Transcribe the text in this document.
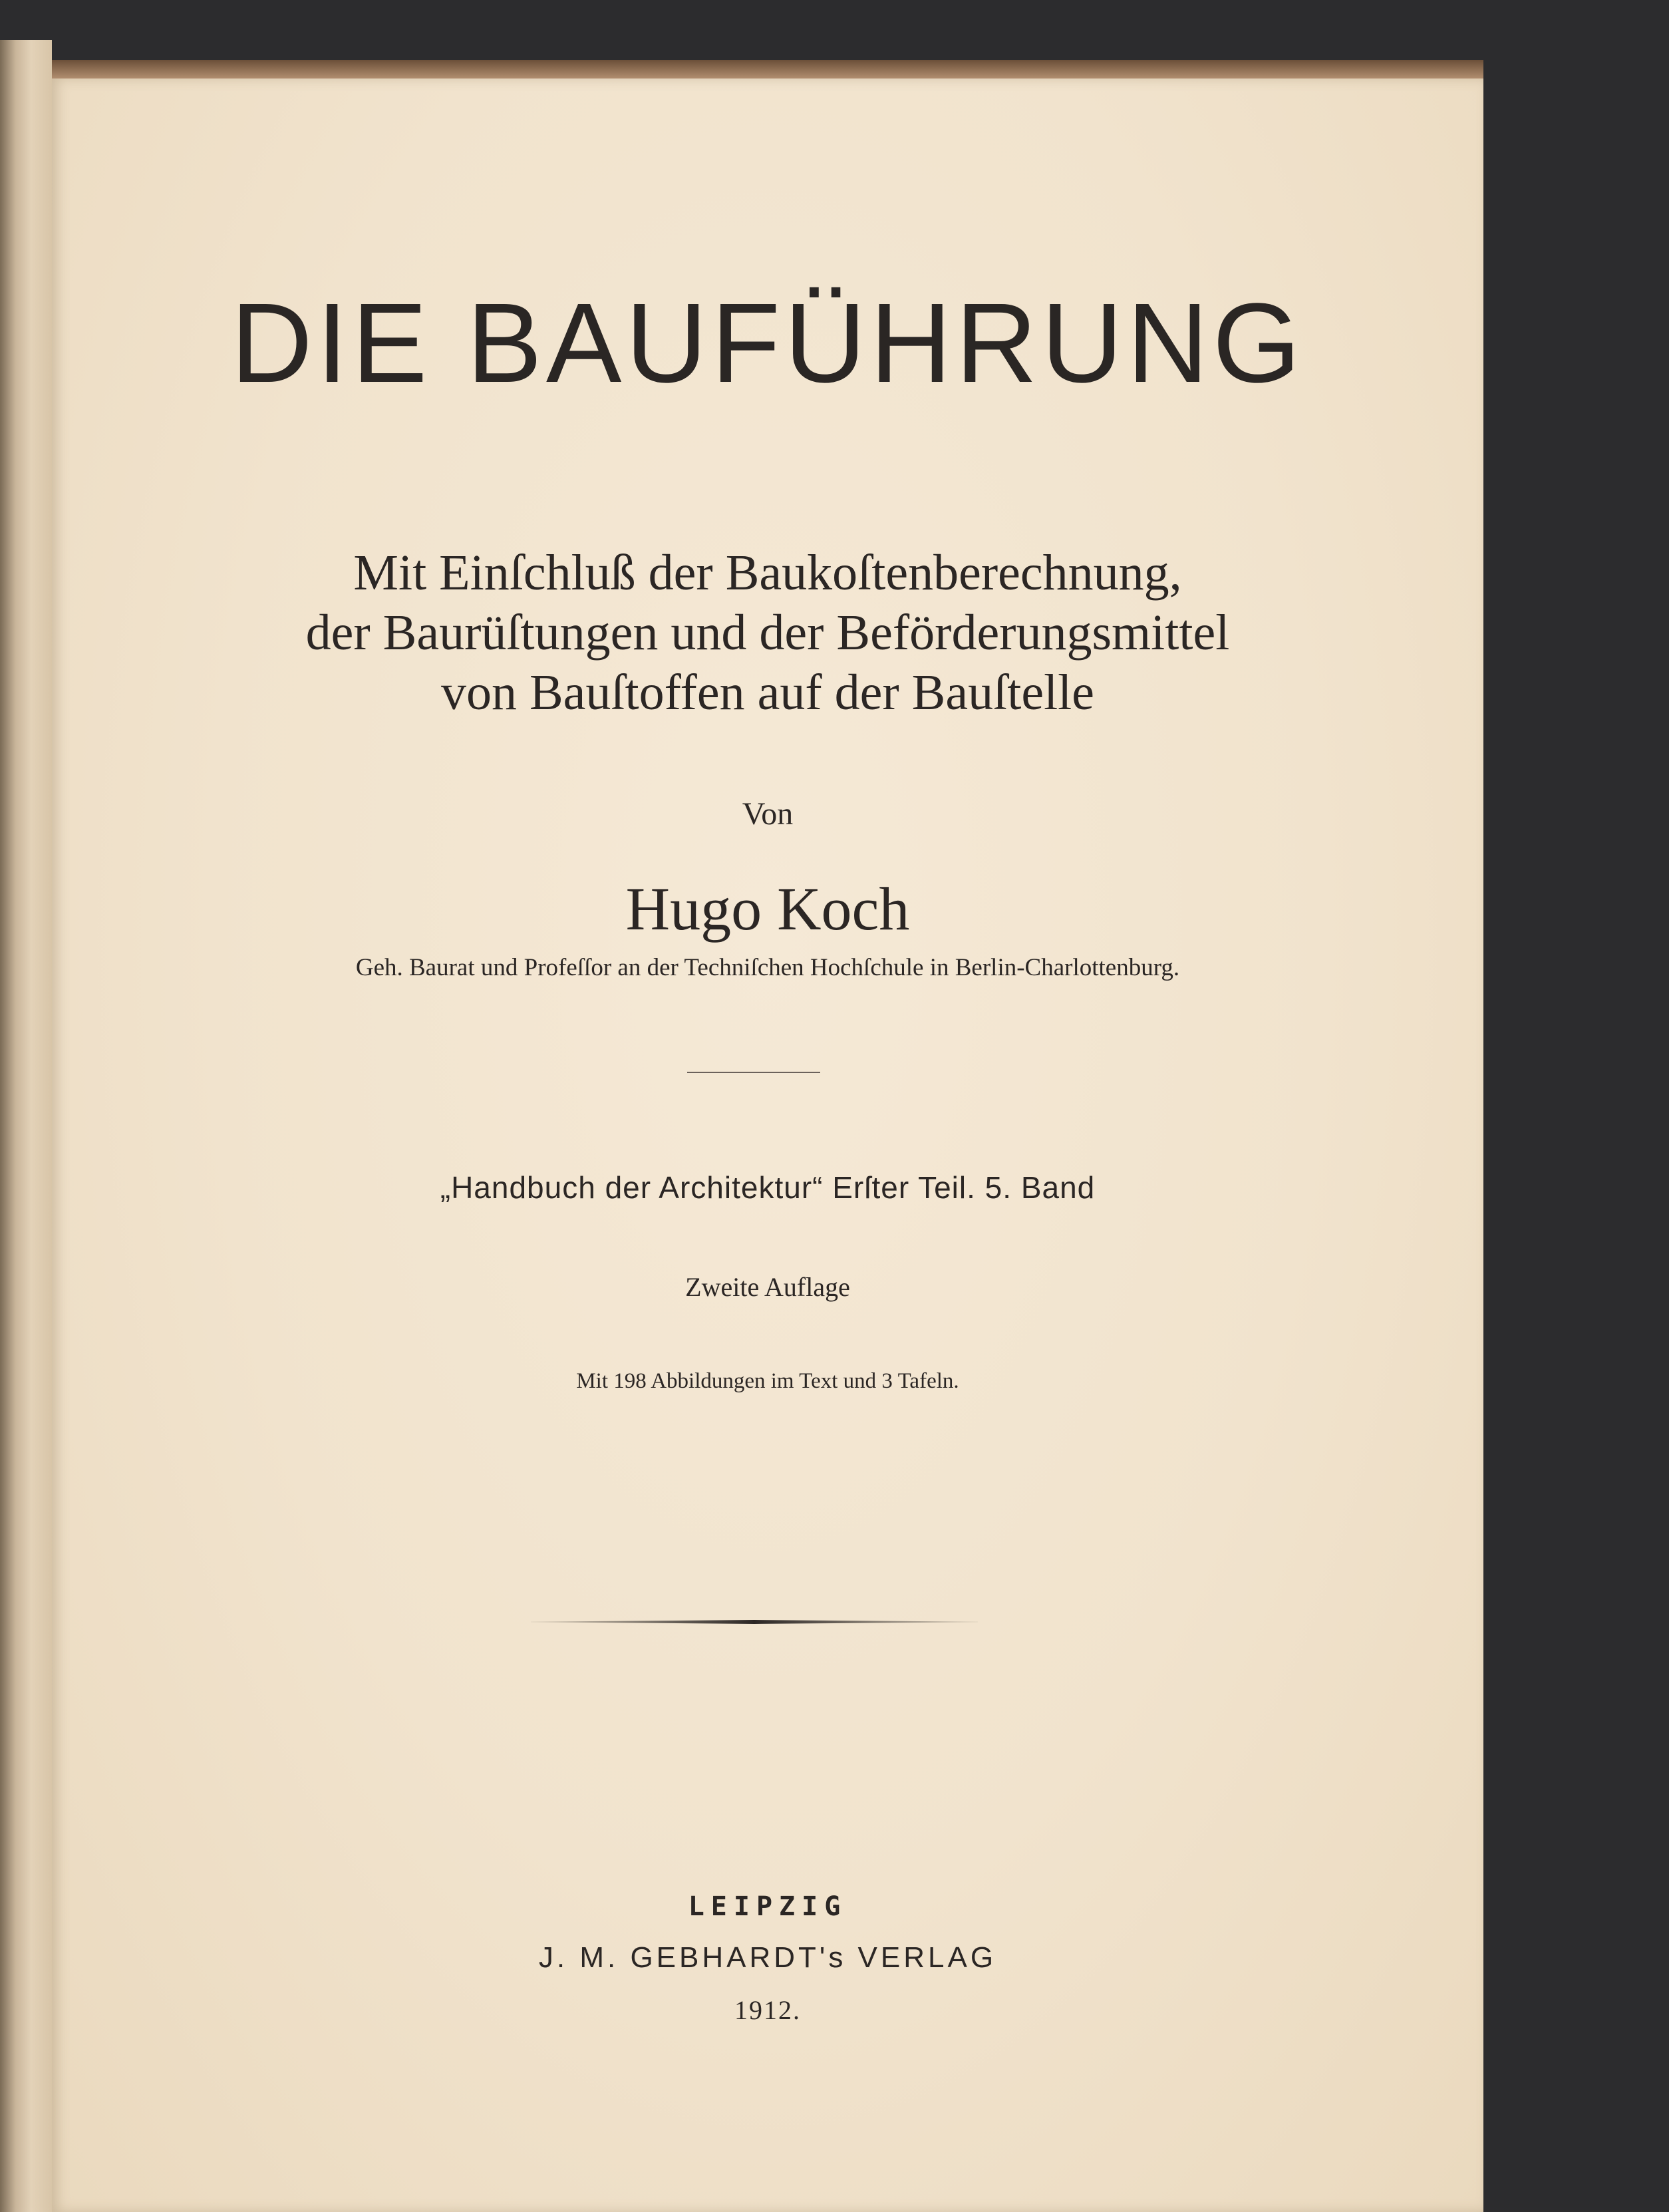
DIE BAUFÜHRUNG
Mit Einſchluß der Baukoſtenberechnung,
der Baurüſtungen und der Beförderungsmittel
von Bauſtoffen auf der Bauſtelle
Von
Hugo Koch
Geh. Baurat und Profeſſor an der Techniſchen Hochſchule in Berlin-Charlottenburg.
„Handbuch der Architektur“ Erſter Teil. 5. Band
Zweite Auflage
Mit 198 Abbildungen im Text und 3 Tafeln.
LEIPZIG
J. M. GEBHARDT's VERLAG
1912.
